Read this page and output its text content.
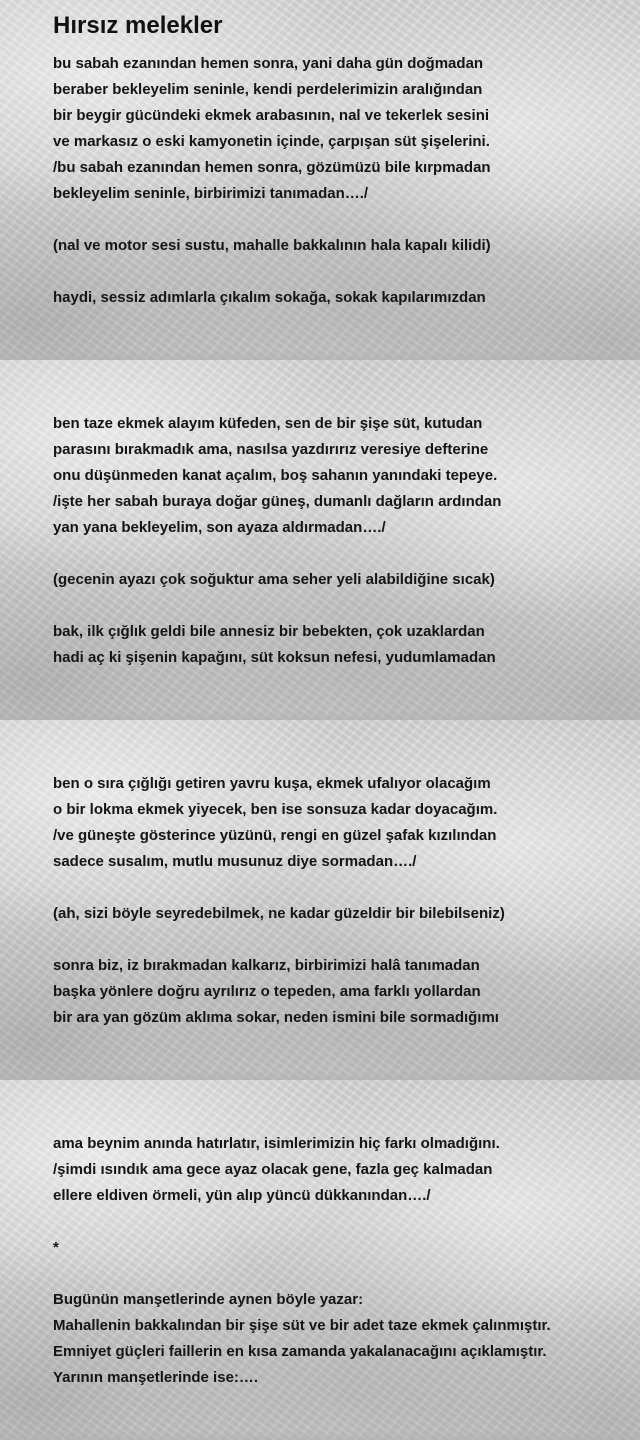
Hırsız melekler
bu sabah ezanından hemen sonra, yani daha gün doğmadan
beraber bekleyelim seninle, kendi perdelerimizin aralığından
bir beygir gücündeki ekmek arabasının, nal ve tekerlek sesini
ve markasız o eski kamyonetin içinde, çarpışan süt şişelerini.
/bu sabah ezanından hemen sonra, gözümüzü bile kırpmadan
bekleyelim seninle, birbirimizi tanımadan…./
(nal ve motor sesi sustu, mahalle bakkalının hala kapalı kilidi)
haydi, sessiz adımlarla çıkalım sokağa, sokak kapılarımızdan
ben taze ekmek alayım küfeden, sen de bir şişe süt, kutudan
parasını bırakmadık ama, nasılsa yazdırırız veresiye defterine
onu düşünmeden kanat açalım, boş sahanın yanındaki tepeye.
/işte her sabah buraya doğar güneş, dumanlı dağların ardından
yan yana bekleyelim, son ayaza aldırmadan…./
(gecenin ayazı çok soğuktur ama seher yeli alabildiğine sıcak)
bak, ilk çığlık geldi bile annesiz bir bebekten, çok uzaklardan
hadi aç ki şişenin kapağını, süt koksun nefesi, yudumlamadan
ben o sıra çığlığı getiren yavru kuşa, ekmek ufalıyor olacağım
o bir lokma ekmek yiyecek, ben ise sonsuza kadar doyacağım.
/ve güneşte gösterince yüzünü, rengi en güzel şafak kızılından
sadece susalım, mutlu musunuz diye sormadan…./
(ah, sizi böyle seyredebilmek, ne kadar güzeldir bir bilebilseniz)
sonra biz, iz bırakmadan kalkarız, birbirimizi halâ tanımadan
başka yönlere doğru ayrılırız o tepeden, ama farklı yollardan
bir ara yan gözüm aklıma sokar, neden ismini bile sormadığımı
ama beynim anında hatırlatır, isimlerimizin hiç farkı olmadığını.
/şimdi ısındık ama gece ayaz olacak gene, fazla geç kalmadan
ellere eldiven örmeli, yün alıp yüncü dükkanından…./
*
Bugünün manşetlerinde aynen böyle yazar:
Mahallenin bakkalından bir şişe süt ve bir adet taze ekmek çalınmıştır.
Emniyet güçleri faillerin en kısa zamanda yakalanacağını açıklamıştır.
Yarının manşetlerinde ise:….
